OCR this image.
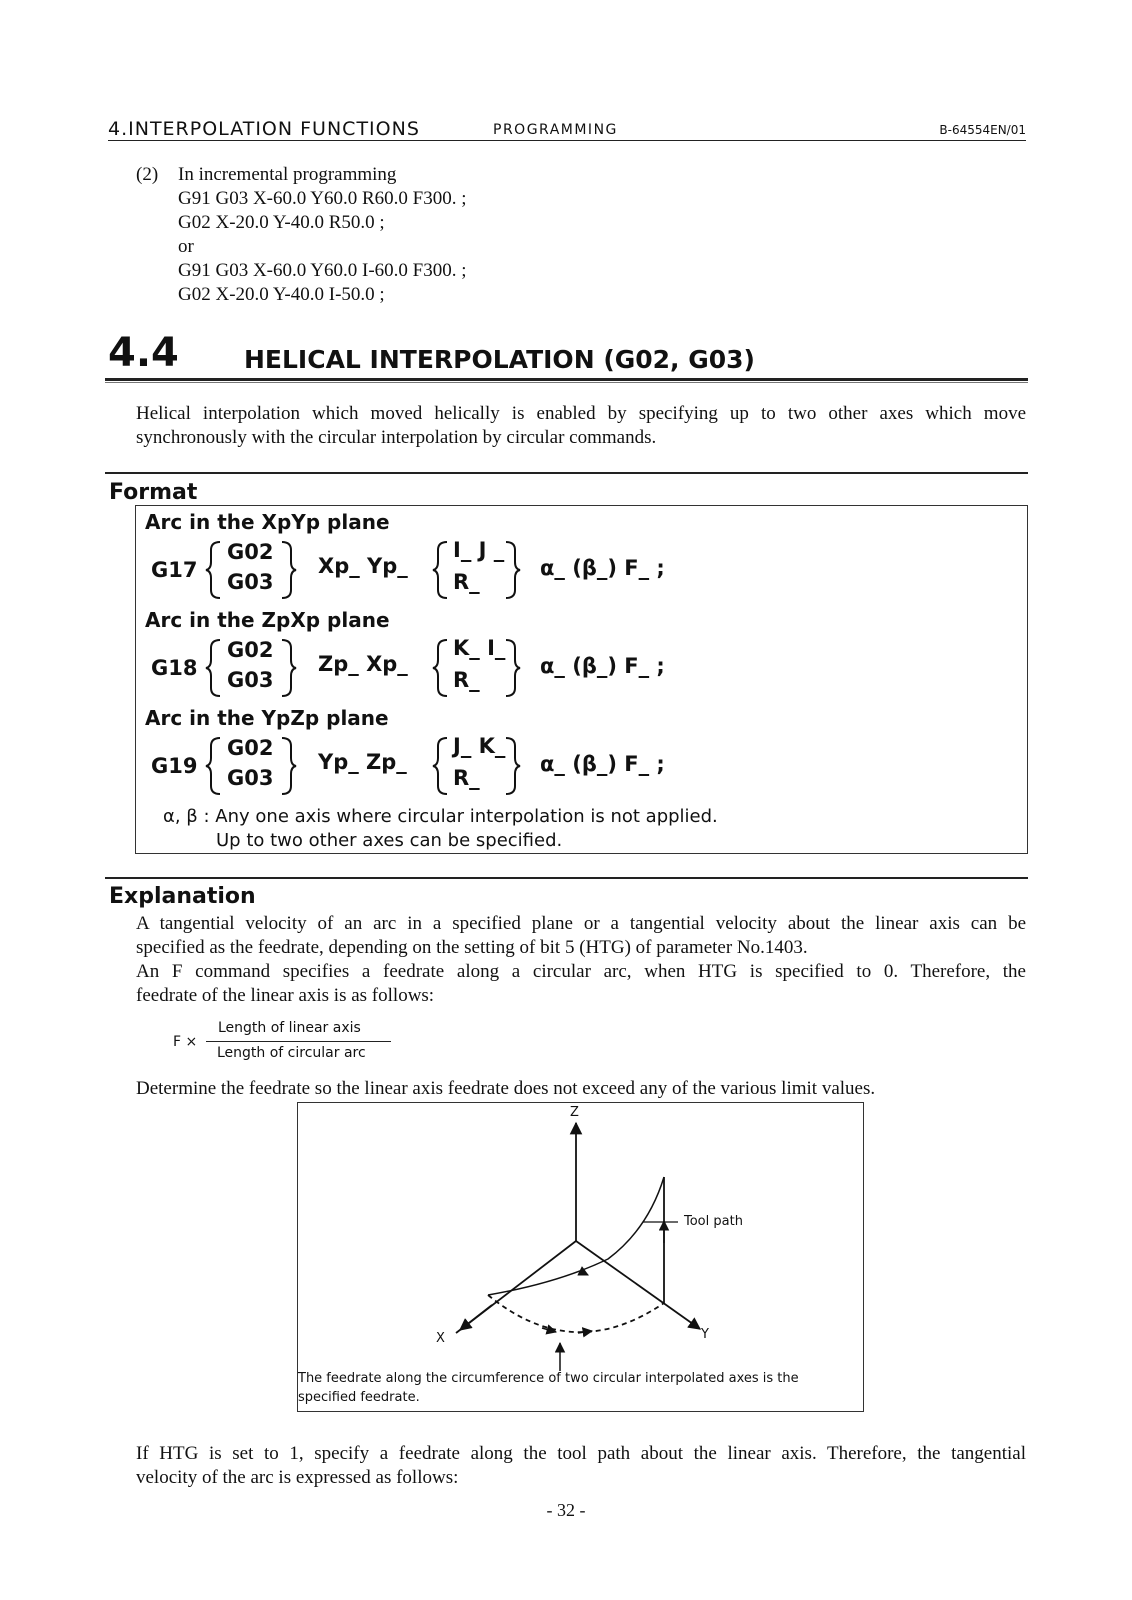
4.INTERPOLATION FUNCTIONS	PROGRAMMING	B-64554EN/01
(2) In incremental programming
G91 G03 X-60.0 Y60.0 R60.0 F300. ;
G02 X-20.0 Y-40.0 R50.0 ;
or
G91 G03 X-60.0 Y60.0 I-60.0 F300. ;
G02 X-20.0 Y-40.0 I-50.0 ;
4.4	HELICAL INTERPOLATION (G02, G03)
Helical interpolation which moved helically is enabled by specifying up to two other axes which move
synchronously with the circular interpolation by circular commands.
Format
Arc in the XpYp plane
G17
G02
G03
Xp_ Yp_
I_ J _
R_
α_ (β_) F_ ;
Arc in the ZpXp plane
G18
G02
G03
Zp_ Xp_
K_ I_
R_
α_ (β_) F_ ;
Arc in the YpZp plane
G19
G02
G03
Yp_ Zp_
J_ K_
R_
α_ (β_) F_ ;
α, β : Any one axis where circular interpolation is not applied.
Up to two other axes can be specified.
Explanation
A tangential velocity of an arc in a specified plane or a tangential velocity about the linear axis can be
specified as the feedrate, depending on the setting of bit 5 (HTG) of parameter No.1403.
An F command specifies a feedrate along a circular arc, when HTG is specified to 0. Therefore, the
feedrate of the linear axis is as follows:
F ×
Length of linear axis
Length of circular arc
Determine the feedrate so the linear axis feedrate does not exceed any of the various limit values.
Z
X	Y
Tool path
The feedrate along the circumference of two circular interpolated axes is the
specified feedrate.
If HTG is set to 1, specify a feedrate along the tool path about the linear axis. Therefore, the tangential
velocity of the arc is expressed as follows:
- 32 -
